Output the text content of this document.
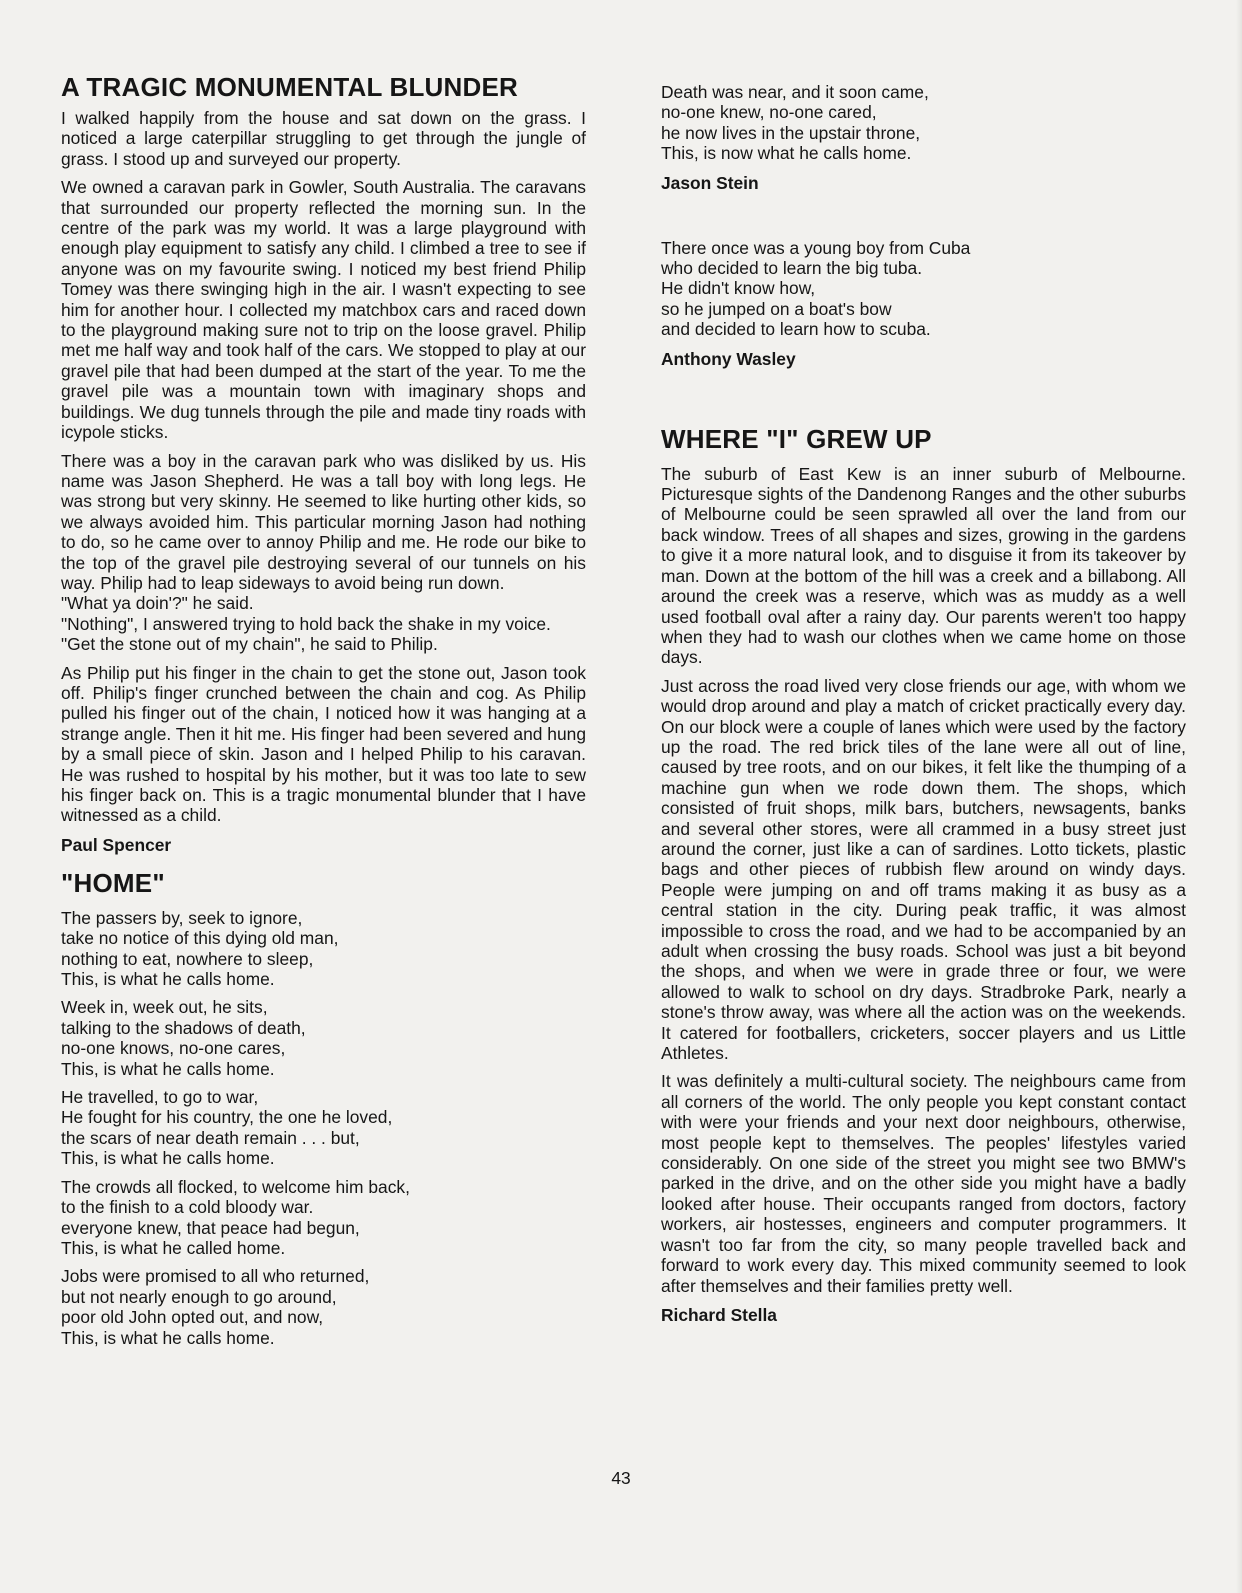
A TRAGIC MONUMENTAL BLUNDER

I walked happily from the house and sat down on the grass. I noticed a large caterpillar struggling to get through the jungle of grass. I stood up and surveyed our property.

We owned a caravan park in Gowler, South Australia. The caravans that surrounded our property reflected the morning sun. In the centre of the park was my world. It was a large playground with enough play equipment to satisfy any child. I climbed a tree to see if anyone was on my favourite swing. I noticed my best friend Philip Tomey was there swinging high in the air. I wasn't expecting to see him for another hour. I collected my matchbox cars and raced down to the playground making sure not to trip on the loose gravel. Philip met me half way and took half of the cars. We stopped to play at our gravel pile that had been dumped at the start of the year. To me the gravel pile was a mountain town with imaginary shops and buildings. We dug tunnels through the pile and made tiny roads with icypole sticks.

There was a boy in the caravan park who was disliked by us. His name was Jason Shepherd. He was a tall boy with long legs. He was strong but very skinny. He seemed to like hurting other kids, so we always avoided him. This particular morning Jason had nothing to do, so he came over to annoy Philip and me. He rode our bike to the top of the gravel pile destroying several of our tunnels on his way. Philip had to leap sideways to avoid being run down.

"What ya doin'?" he said.

"Nothing", I answered trying to hold back the shake in my voice.

"Get the stone out of my chain", he said to Philip.

As Philip put his finger in the chain to get the stone out, Jason took off. Philip's finger crunched between the chain and cog. As Philip pulled his finger out of the chain, I noticed how it was hanging at a strange angle. Then it hit me. His finger had been severed and hung by a small piece of skin. Jason and I helped Philip to his caravan. He was rushed to hospital by his mother, but it was too late to sew his finger back on. This is a tragic monumental blunder that I have witnessed as a child.

Paul Spencer
"HOME"

The passers by, seek to ignore,
take no notice of this dying old man,
nothing to eat, nowhere to sleep,
This, is what he calls home.

Week in, week out, he sits,
talking to the shadows of death,
no-one knows, no-one cares,
This, is what he calls home.

He travelled, to go to war,
He fought for his country, the one he loved,
the scars of near death remain . . . but,
This, is what he calls home.

The crowds all flocked, to welcome him back,
to the finish to a cold bloody war.
everyone knew, that peace had begun,
This, is what he called home.

Jobs were promised to all who returned,
but not nearly enough to go around,
poor old John opted out, and now,
This, is what he calls home.

Death was near, and it soon came,
no-one knew, no-one cared,
he now lives in the upstair throne,
This, is now what he calls home.

Jason Stein

There once was a young boy from Cuba
who decided to learn the big tuba.
He didn't know how,
so he jumped on a boat's bow
and decided to learn how to scuba.

Anthony Wasley
WHERE "I" GREW UP

The suburb of East Kew is an inner suburb of Melbourne. Picturesque sights of the Dandenong Ranges and the other suburbs of Melbourne could be seen sprawled all over the land from our back window. Trees of all shapes and sizes, growing in the gardens to give it a more natural look, and to disguise it from its takeover by man. Down at the bottom of the hill was a creek and a billabong. All around the creek was a reserve, which was as muddy as a well used football oval after a rainy day. Our parents weren't too happy when they had to wash our clothes when we came home on those days.

Just across the road lived very close friends our age, with whom we would drop around and play a match of cricket practically every day. On our block were a couple of lanes which were used by the factory up the road. The red brick tiles of the lane were all out of line, caused by tree roots, and on our bikes, it felt like the thumping of a machine gun when we rode down them. The shops, which consisted of fruit shops, milk bars, butchers, newsagents, banks and several other stores, were all crammed in a busy street just around the corner, just like a can of sardines. Lotto tickets, plastic bags and other pieces of rubbish flew around on windy days. People were jumping on and off trams making it as busy as a central station in the city. During peak traffic, it was almost impossible to cross the road, and we had to be accompanied by an adult when crossing the busy roads. School was just a bit beyond the shops, and when we were in grade three or four, we were allowed to walk to school on dry days. Stradbroke Park, nearly a stone's throw away, was where all the action was on the weekends. It catered for footballers, cricketers, soccer players and us Little Athletes.

It was definitely a multi-cultural society. The neighbours came from all corners of the world. The only people you kept constant contact with were your friends and your next door neighbours, otherwise, most people kept to themselves. The peoples' lifestyles varied considerably. On one side of the street you might see two BMW's parked in the drive, and on the other side you might have a badly looked after house. Their occupants ranged from doctors, factory workers, air hostesses, engineers and computer programmers. It wasn't too far from the city, so many people travelled back and forward to work every day. This mixed community seemed to look after themselves and their families pretty well.

Richard Stella
43
